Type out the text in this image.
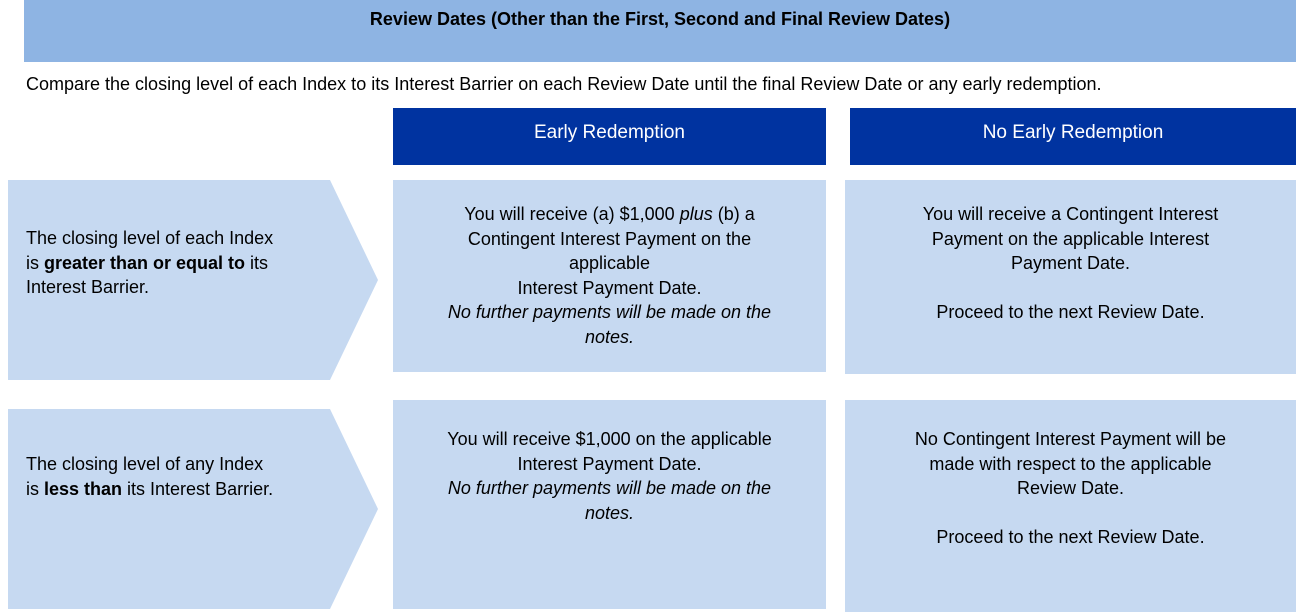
Review Dates (Other than the First, Second and Final Review Dates)
Compare the closing level of each Index to its Interest Barrier on each Review Date until the final Review Date or any early redemption.
Early Redemption	No Early Redemption
The closing level of each Index is greater than or equal to its Interest Barrier.
You will receive (a) $1,000 plus (b) a
Contingent Interest Payment on the
applicable
Interest Payment Date.
No further payments will be made on the
notes.
You will receive a Contingent Interest
Payment on the applicable Interest
Payment Date.
Proceed to the next Review Date.
The closing level of any Index is less than its Interest Barrier.
You will receive $1,000 on the applicable
Interest Payment Date.
No further payments will be made on the
notes.
No Contingent Interest Payment will be
made with respect to the applicable
Review Date.
Proceed to the next Review Date.
